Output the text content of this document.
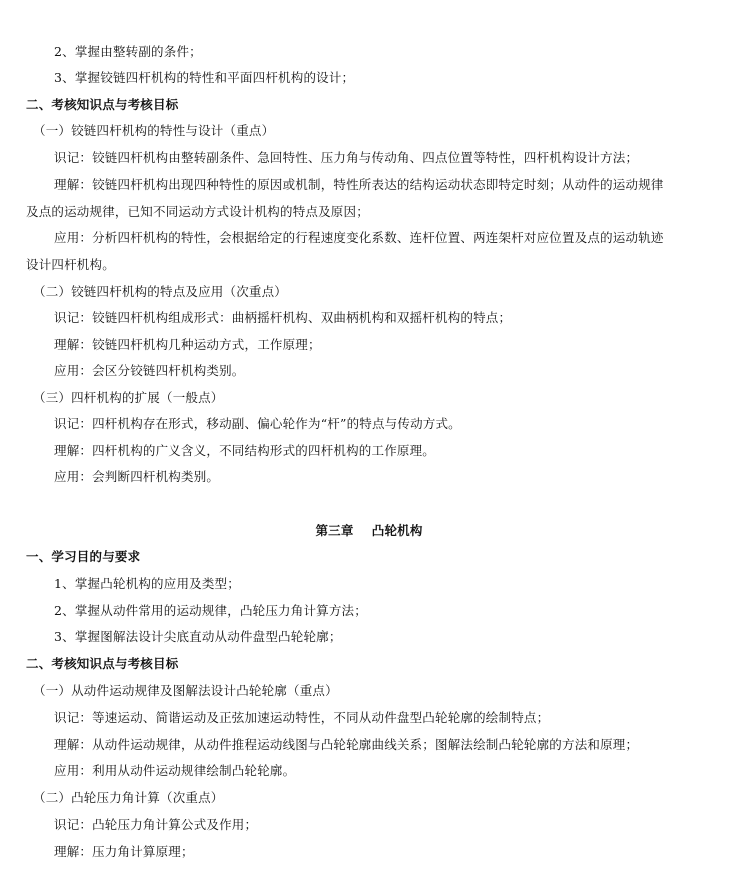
2、掌握由整转副的条件；
3、掌握铰链四杆机构的特性和平面四杆机构的设计；
二、考核知识点与考核目标
（一）铰链四杆机构的特性与设计（重点）
识记：铰链四杆机构由整转副条件、急回特性、压力角与传动角、四点位置等特性，四杆机构设计方法；
理解：铰链四杆机构出现四种特性的原因或机制，特性所表达的结构运动状态即特定时刻；从动件的运动规律
及点的运动规律，已知不同运动方式设计机构的特点及原因；
应用：分析四杆机构的特性，会根据给定的行程速度变化系数、连杆位置、两连架杆对应位置及点的运动轨迹
设计四杆机构。
（二）铰链四杆机构的特点及应用（次重点）
识记：铰链四杆机构组成形式：曲柄摇杆机构、双曲柄机构和双摇杆机构的特点；
理解：铰链四杆机构几种运动方式，工作原理；
应用：会区分铰链四杆机构类别。
（三）四杆机构的扩展（一般点）
识记：四杆机构存在形式，移动副、偏心轮作为“杆”的特点与传动方式。
理解：四杆机构的广义含义，不同结构形式的四杆机构的工作原理。
应用：会判断四杆机构类别。
第三章    凸轮机构
一、学习目的与要求
1、掌握凸轮机构的应用及类型；
2、掌握从动件常用的运动规律，凸轮压力角计算方法；
3、掌握图解法设计尖底直动从动件盘型凸轮轮廓；
二、考核知识点与考核目标
（一）从动件运动规律及图解法设计凸轮轮廓（重点）
识记：等速运动、简谐运动及正弦加速运动特性，不同从动件盘型凸轮轮廓的绘制特点；
理解：从动件运动规律，从动件推程运动线图与凸轮轮廓曲线关系；图解法绘制凸轮轮廓的方法和原理；
应用：利用从动件运动规律绘制凸轮轮廓。
（二）凸轮压力角计算（次重点）
识记：凸轮压力角计算公式及作用；
理解：压力角计算原理；
